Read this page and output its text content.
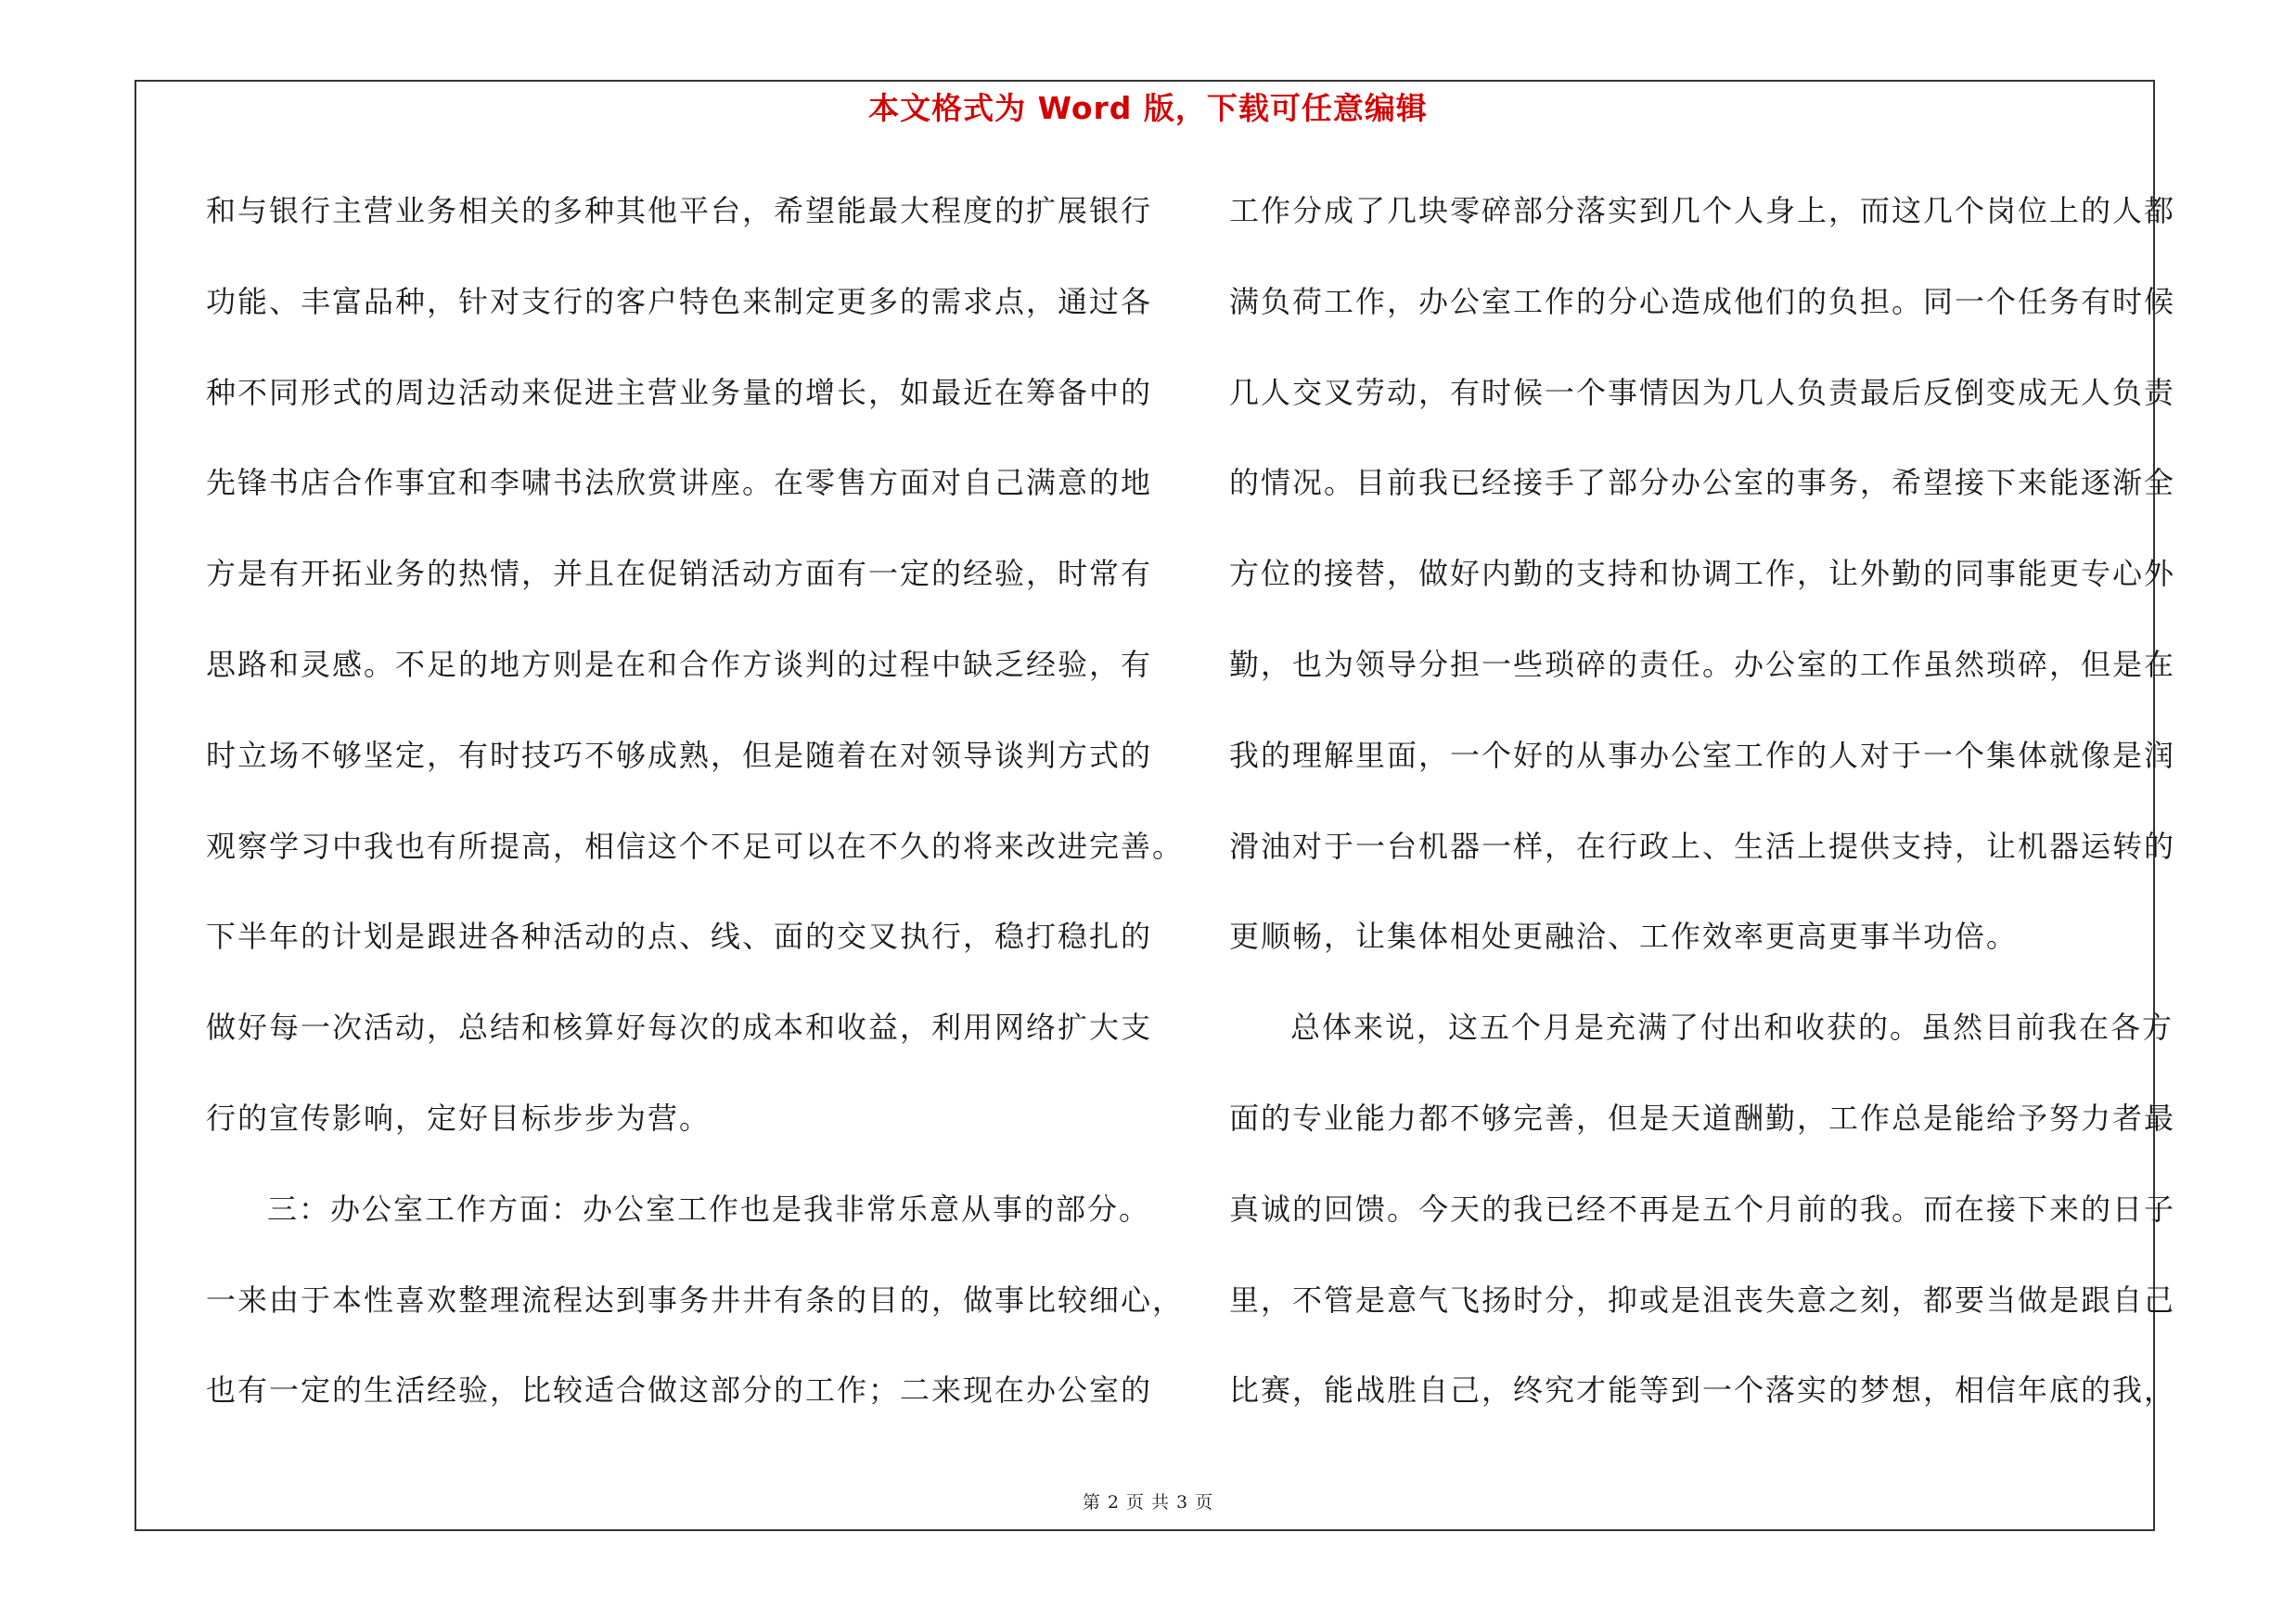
本文格式为 Word 版，下载可任意编辑
和与银行主营业务相关的多种其他平台，希望能最大程度的扩展银行
功能、丰富品种，针对支行的客户特色来制定更多的需求点，通过各
种不同形式的周边活动来促进主营业务量的增长，如最近在筹备中的
先锋书店合作事宜和李啸书法欣赏讲座。在零售方面对自己满意的地
方是有开拓业务的热情，并且在促销活动方面有一定的经验，时常有
思路和灵感。不足的地方则是在和合作方谈判的过程中缺乏经验，有
时立场不够坚定，有时技巧不够成熟，但是随着在对领导谈判方式的
观察学习中我也有所提高，相信这个不足可以在不久的将来改进完善。
下半年的计划是跟进各种活动的点、线、面的交叉执行，稳打稳扎的
做好每一次活动，总结和核算好每次的成本和收益，利用网络扩大支
行的宣传影响，定好目标步步为营。
三：办公室工作方面：办公室工作也是我非常乐意从事的部分。
一来由于本性喜欢整理流程达到事务井井有条的目的，做事比较细心，
也有一定的生活经验，比较适合做这部分的工作；二来现在办公室的
工作分成了几块零碎部分落实到几个人身上，而这几个岗位上的人都
满负荷工作，办公室工作的分心造成他们的负担。同一个任务有时候
几人交叉劳动，有时候一个事情因为几人负责最后反倒变成无人负责
的情况。目前我已经接手了部分办公室的事务，希望接下来能逐渐全
方位的接替，做好内勤的支持和协调工作，让外勤的同事能更专心外
勤，也为领导分担一些琐碎的责任。办公室的工作虽然琐碎，但是在
我的理解里面，一个好的从事办公室工作的人对于一个集体就像是润
滑油对于一台机器一样，在行政上、生活上提供支持，让机器运转的
更顺畅，让集体相处更融洽、工作效率更高更事半功倍。
总体来说，这五个月是充满了付出和收获的。虽然目前我在各方
面的专业能力都不够完善，但是天道酬勤，工作总是能给予努力者最
真诚的回馈。今天的我已经不再是五个月前的我。而在接下来的日子
里，不管是意气飞扬时分，抑或是沮丧失意之刻，都要当做是跟自己
比赛，能战胜自己，终究才能等到一个落实的梦想，相信年底的我，
第 2 页 共 3 页
